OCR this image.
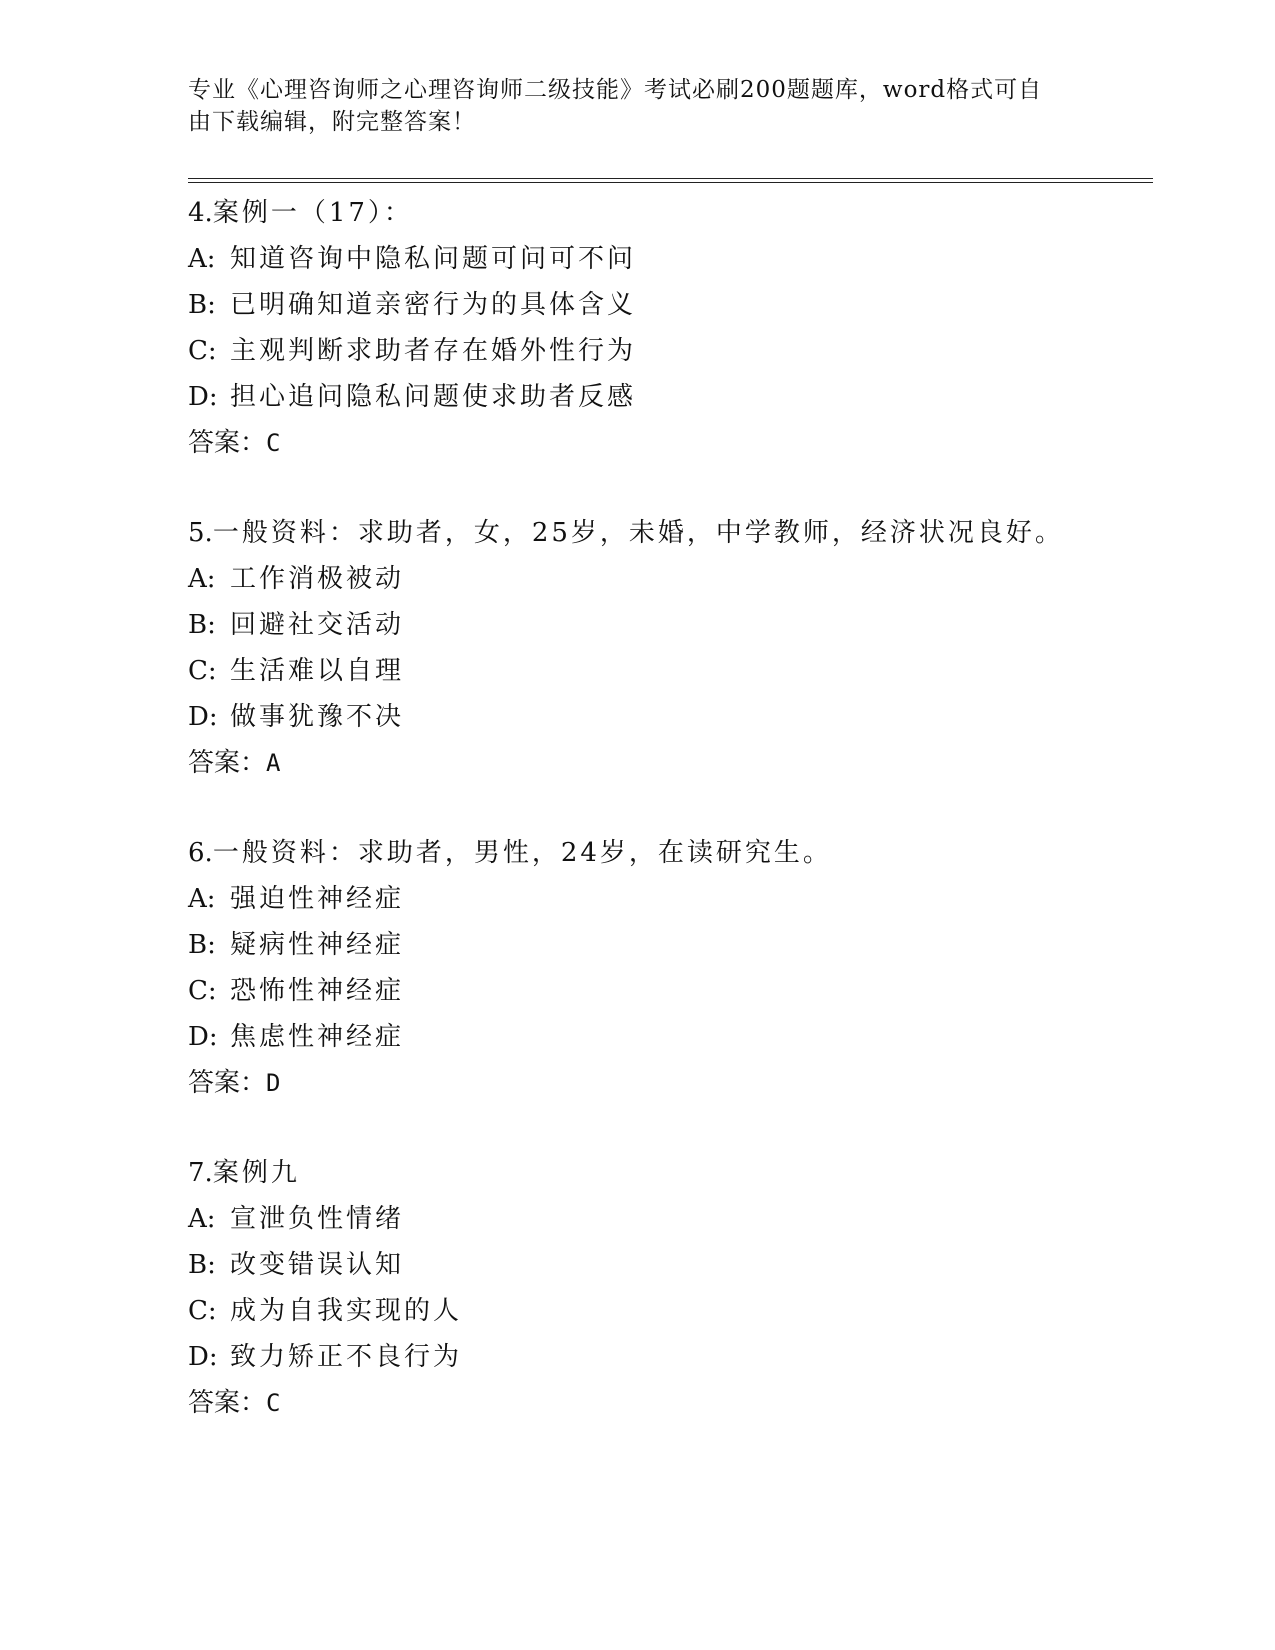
专业《心理咨询师之心理咨询师二级技能》考试必刷200题题库，word格式可自
由下载编辑，附完整答案！
4.案例一（17）：
A: 知道咨询中隐私问题可问可不问
B: 已明确知道亲密行为的具体含义
C: 主观判断求助者存在婚外性行为
D: 担心追问隐私问题使求助者反感
答案：C
5.一般资料：求助者，女，25岁，未婚，中学教师，经济状况良好。
A: 工作消极被动
B: 回避社交活动
C: 生活难以自理
D: 做事犹豫不决
答案：A
6.一般资料：求助者，男性，24岁，在读研究生。
A: 强迫性神经症
B: 疑病性神经症
C: 恐怖性神经症
D: 焦虑性神经症
答案：D
7.案例九
A: 宣泄负性情绪
B: 改变错误认知
C: 成为自我实现的人
D: 致力矫正不良行为
答案：C
